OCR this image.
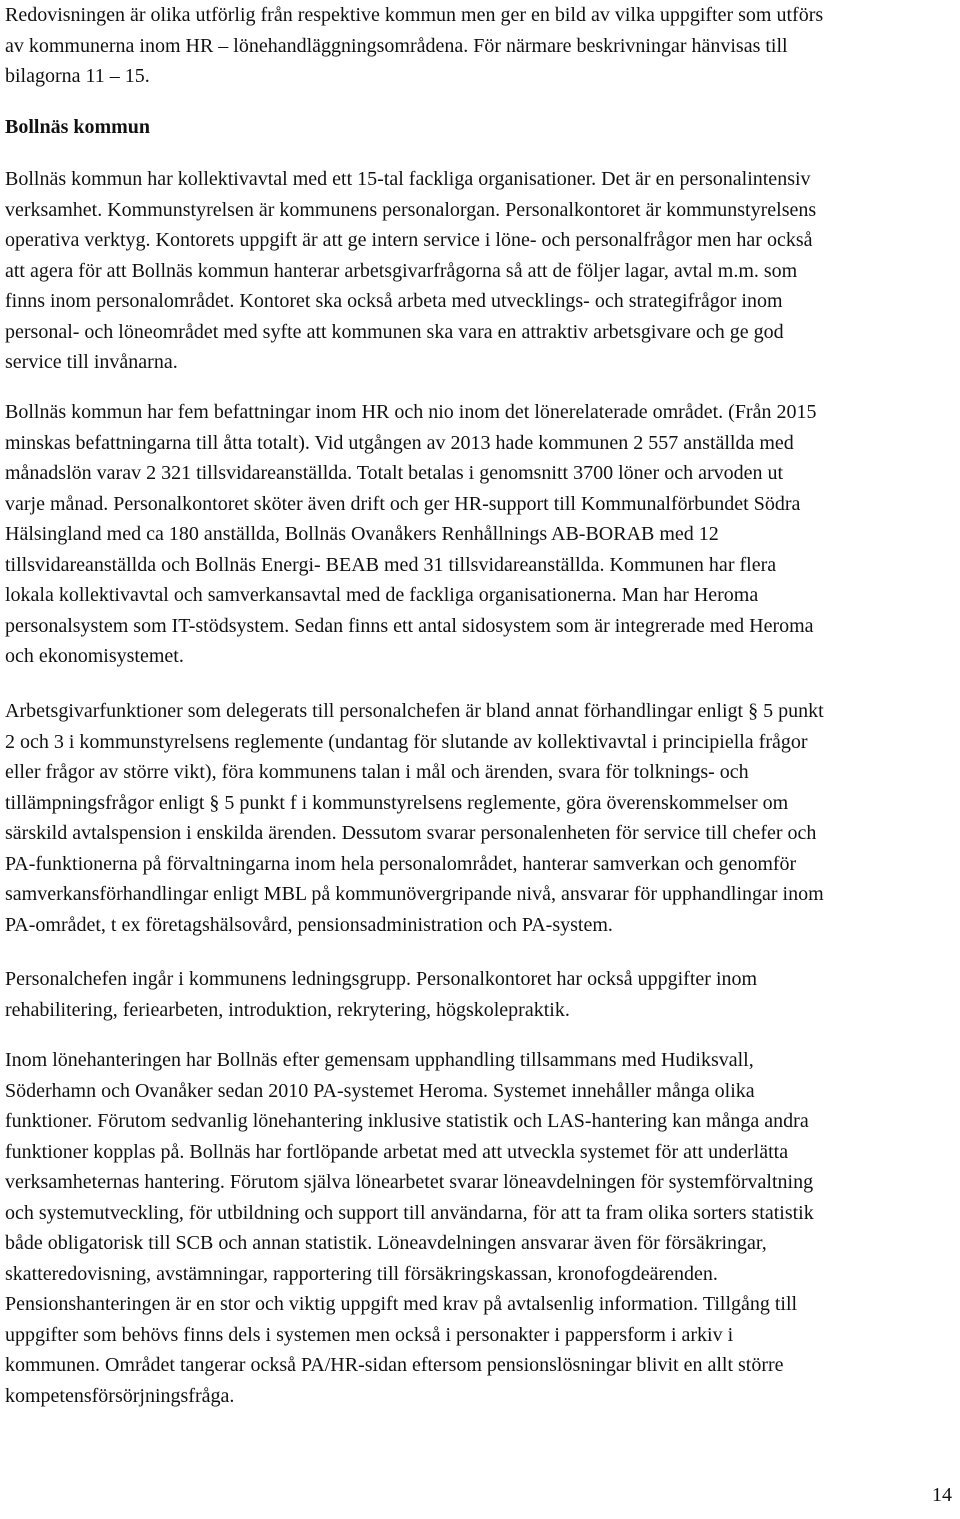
Redovisningen är olika utförlig från respektive kommun men ger en bild av vilka uppgifter som utförs
av kommunerna inom HR – lönehandläggningsområdena. För närmare beskrivningar hänvisas till
bilagorna 11 – 15.

Bollnäs kommun

Bollnäs kommun har kollektivavtal med ett 15-tal fackliga organisationer. Det är en personalintensiv
verksamhet. Kommunstyrelsen är kommunens personalorgan. Personalkontoret är kommunstyrelsens
operativa verktyg. Kontorets uppgift är att ge intern service i löne- och personalfrågor men har också
att agera för att Bollnäs kommun hanterar arbetsgivarfrågorna så att de följer lagar, avtal m.m. som
finns inom personalområdet. Kontoret ska också arbeta med utvecklings- och strategifrågor inom
personal- och löneområdet med syfte att kommunen ska vara en attraktiv arbetsgivare och ge god
service till invånarna.

Bollnäs kommun har fem befattningar inom HR och nio inom det lönerelaterade området. (Från 2015
minskas befattningarna till åtta totalt). Vid utgången av 2013 hade kommunen 2 557 anställda med
månadslön varav 2 321 tillsvidareanställda. Totalt betalas i genomsnitt 3700 löner och arvoden ut
varje månad. Personalkontoret sköter även drift och ger HR-support till Kommunalförbundet Södra
Hälsingland med ca 180 anställda, Bollnäs Ovanåkers Renhållnings AB-BORAB med 12
tillsvidareanställda och Bollnäs Energi- BEAB med 31 tillsvidareanställda. Kommunen har flera
lokala kollektivavtal och samverkansavtal med de fackliga organisationerna. Man har Heroma
personalsystem som IT-stödsystem. Sedan finns ett antal sidosystem som är integrerade med Heroma
och ekonomisystemet.

Arbetsgivarfunktioner som delegerats till personalchefen är bland annat förhandlingar enligt § 5 punkt
2 och 3 i kommunstyrelsens reglemente (undantag för slutande av kollektivavtal i principiella frågor
eller frågor av större vikt), föra kommunens talan i mål och ärenden, svara för tolknings- och
tillämpningsfrågor enligt § 5 punkt f i kommunstyrelsens reglemente, göra överenskommelser om
särskild avtalspension i enskilda ärenden. Dessutom svarar personalenheten för service till chefer och
PA-funktionerna på förvaltningarna inom hela personalområdet, hanterar samverkan och genomför
samverkansförhandlingar enligt MBL på kommunövergripande nivå, ansvarar för upphandlingar inom
PA-området, t ex företagshälsovård, pensionsadministration och PA-system.

Personalchefen ingår i kommunens ledningsgrupp. Personalkontoret har också uppgifter inom
rehabilitering, feriearbeten, introduktion, rekrytering, högskolepraktik.

Inom lönehanteringen har Bollnäs efter gemensam upphandling tillsammans med Hudiksvall,
Söderhamn och Ovanåker sedan 2010 PA-systemet Heroma. Systemet innehåller många olika
funktioner. Förutom sedvanlig lönehantering inklusive statistik och LAS-hantering kan många andra
funktioner kopplas på. Bollnäs har fortlöpande arbetat med att utveckla systemet för att underlätta
verksamheternas hantering. Förutom själva lönearbetet svarar löneavdelningen för systemförvaltning
och systemutveckling, för utbildning och support till användarna, för att ta fram olika sorters statistik
både obligatorisk till SCB och annan statistik. Löneavdelningen ansvarar även för försäkringar,
skatteredovisning, avstämningar, rapportering till försäkringskassan, kronofogdeärenden.
Pensionshanteringen är en stor och viktig uppgift med krav på avtalsenlig information. Tillgång till
uppgifter som behövs finns dels i systemen men också i personakter i pappersform i arkiv i
kommunen. Området tangerar också PA/HR-sidan eftersom pensionslösningar blivit en allt större
kompetensförsörjningsfråga.

14
